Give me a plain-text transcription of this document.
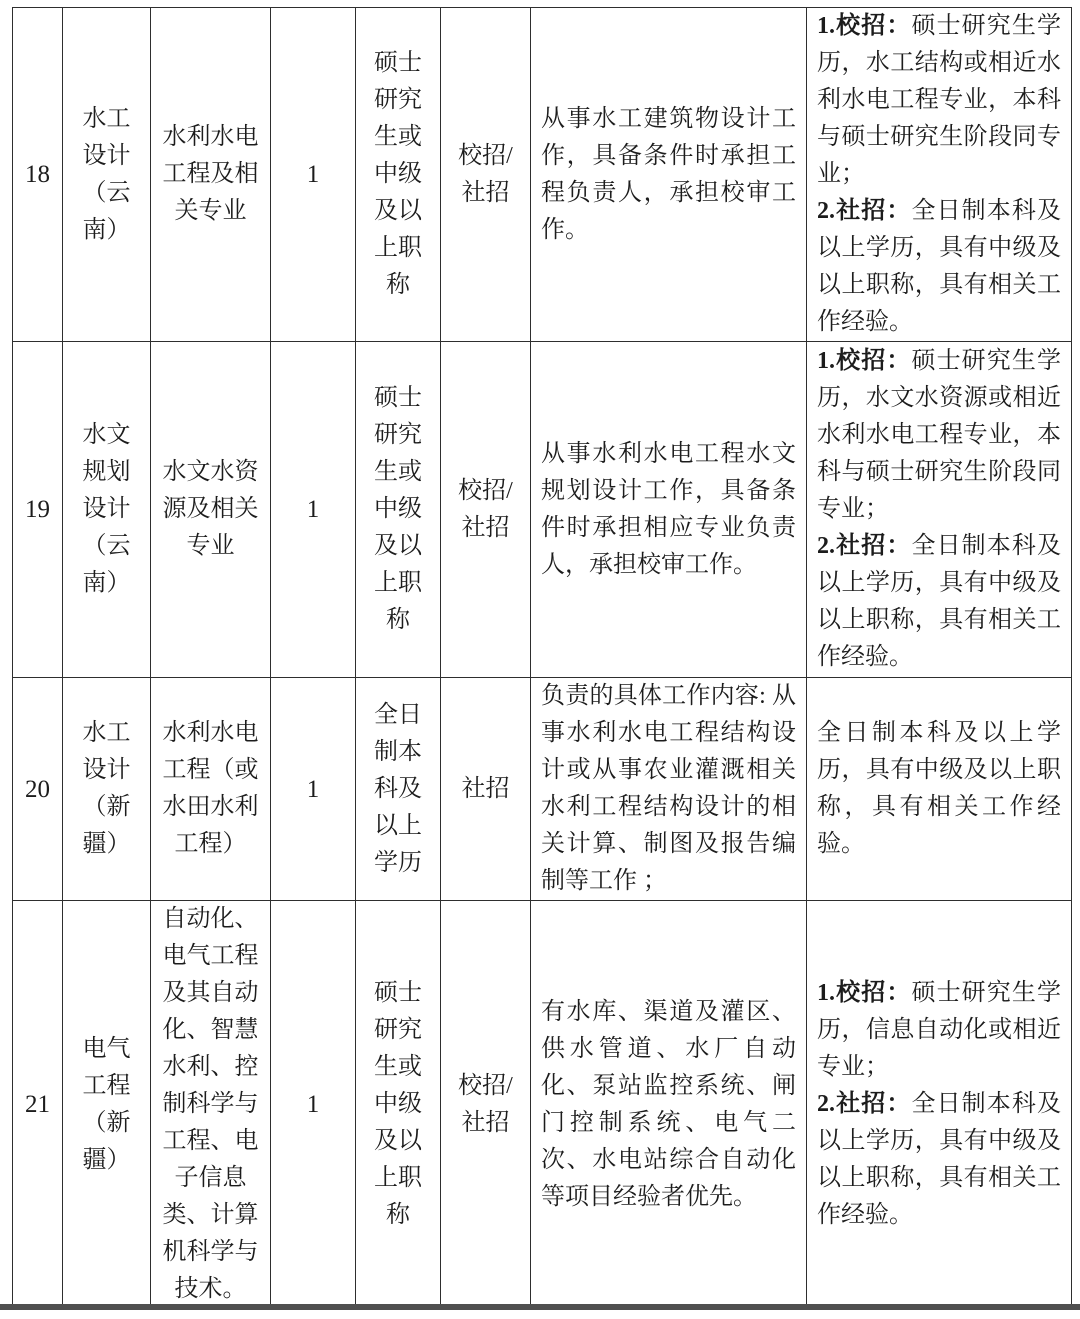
18	水工设计（云南）	水利水电工程及相关专业	1	硕士研究生或中级及以上职称	校招/社招	从事水工建筑物设计工作，具备条件时承担工程负责人，承担校审工作。	1.校招：硕士研究生学历，水工结构或相近水利水电工程专业，本科与硕士研究生阶段同专业；

2.社招：全日制本科及以上学历，具有中级及以上职称，具有相关工作经验。

19	水文规划设计（云南）	水文水资源及相关专业	1	硕士研究生或中级及以上职称	校招/社招	从事水利水电工程水文规划设计工作，具备条件时承担相应专业负责人，承担校审工作。	1.校招：硕士研究生学历，水文水资源或相近水利水电工程专业，本科与硕士研究生阶段同专业；

2.社招：全日制本科及以上学历，具有中级及以上职称，具有相关工作经验。

20	水工设计（新疆）	水利水电工程（或水田水利工程）	1	全日制本科及以上学历	社招	负责的具体工作内容: 从事水利水电工程结构设计或从事农业灌溉相关水利工程结构设计的相关计算、制图及报告编制等工作 ；	全日制本科及以上学历，具有中级及以上职称，具有相关工作经验。

21	电气工程（新疆）	自动化、电气工程及其自动化、智慧水利、控制科学与工程、电子信息类、计算机科学与技术。	1	硕士研究生或中级及以上职称	校招/社招	有水库、渠道及灌区、供水管道、水厂自动化、泵站监控系统、闸门控制系统、电气二次、水电站综合自动化等项目经验者优先。	1.校招：硕士研究生学历，信息自动化或相近专业；

2.社招：全日制本科及以上学历，具有中级及以上职称，具有相关工作经验。
